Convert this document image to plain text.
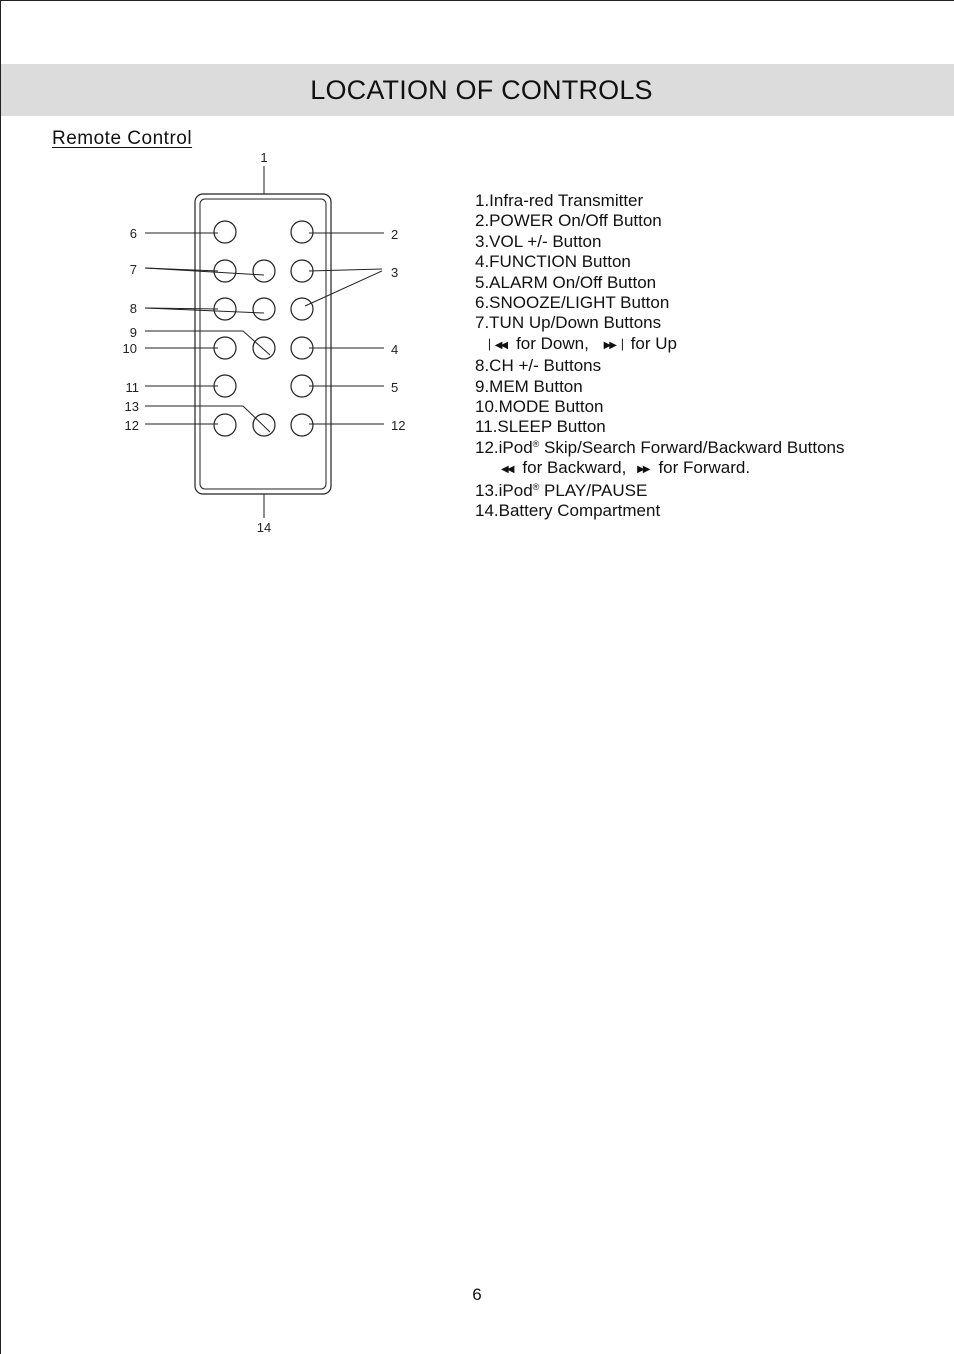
LOCATION OF CONTROLS
Remote Control
1
2
3
4
5
12
6
7
8
9
10
11
13
12
14
1.Infra-red Transmitter
2.POWER On/Off Button
3.VOL +/- Button
4.FUNCTION Button
5.ALARM On/Off Button
6.SNOOZE/LIGHT Button
7.TUN Up/Down Buttons
▏◀◀ for Down, ▶▶▕ for Up
8.CH +/- Buttons
9.MEM Button
10.MODE Button
11.SLEEP Button
12.iPod® Skip/Search Forward/Backward Buttons
◀◀ for Backward, ▶▶ for Forward.
13.iPod® PLAY/PAUSE
14.Battery Compartment
6
